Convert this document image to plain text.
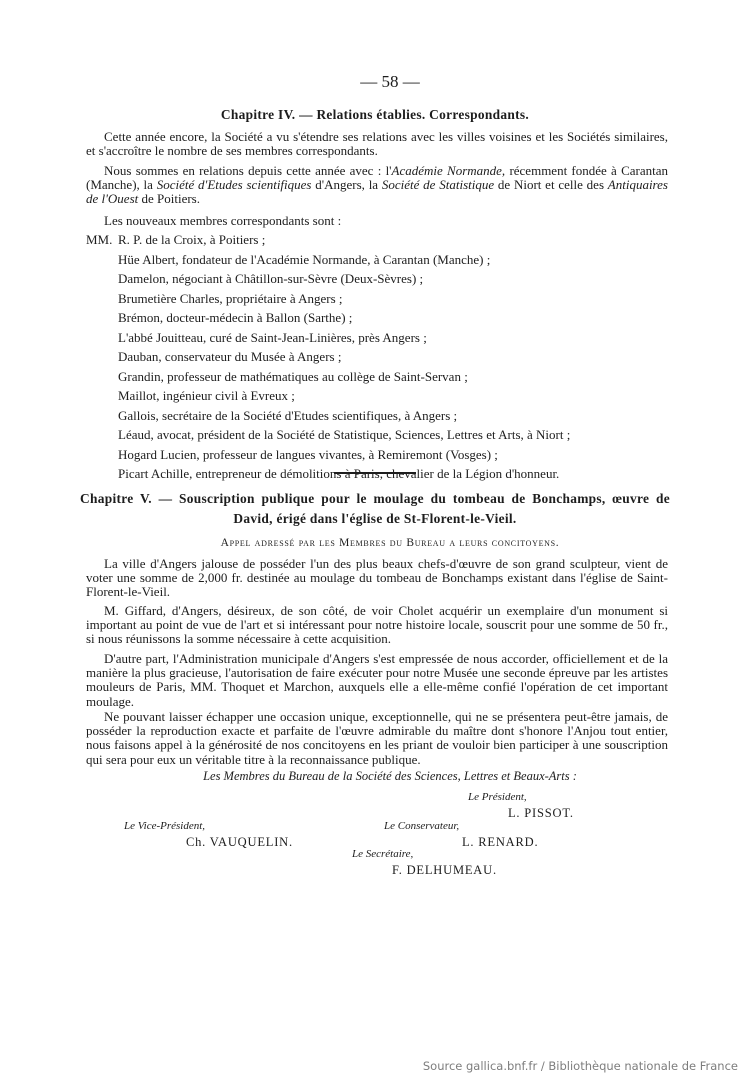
— 58 —
Chapitre IV. — Relations établies. Correspondants.

Cette année encore, la Société a vu s'étendre ses relations avec les villes voisines et les Sociétés similaires, et s'accroître le nombre de ses membres correspondants.

Nous sommes en relations depuis cette année avec : l'Académie Normande, récemment fondée à Carantan (Manche), la Société d'Etudes scientifiques d'Angers, la Société de Statistique de Niort et celle des Antiquaires de l'Ouest de Poitiers.

Les nouveaux membres correspondants sont :

MM. R. P. de la Croix, à Poitiers ;
Hüe Albert, fondateur de l'Académie Normande, à Carantan (Manche) ;
Damelon, négociant à Châtillon-sur-Sèvre (Deux-Sèvres) ;
Brumetière Charles, propriétaire à Angers ;
Brémon, docteur-médecin à Ballon (Sarthe) ;
L'abbé Jouitteau, curé de Saint-Jean-Linières, près Angers ;
Dauban, conservateur du Musée à Angers ;
Grandin, professeur de mathématiques au collège de Saint-Servan ;
Maillot, ingénieur civil à Evreux ;
Gallois, secrétaire de la Société d'Etudes scientifiques, à Angers ;
Léaud, avocat, président de la Société de Statistique, Sciences, Lettres et Arts, à Niort ;
Hogard Lucien, professeur de langues vivantes, à Remiremont (Vosges) ;
Picart Achille, entrepreneur de démolitions à Paris, chevalier de la Légion d'honneur.
Chapitre V. — Souscription publique pour le moulage du tombeau de Bonchamps, œuvre de David, érigé dans l'église de St-Florent-le-Vieil.
Appel adressé par les Membres du Bureau a leurs concitoyens.

La ville d'Angers jalouse de posséder l'un des plus beaux chefs-d'œuvre de son grand sculpteur, vient de voter une somme de 2,000 fr. destinée au moulage du tombeau de Bonchamps existant dans l'église de Saint-Florent-le-Vieil.

M. Giffard, d'Angers, désireux, de son côté, de voir Cholet acquérir un exemplaire d'un monument si important au point de vue de l'art et si intéressant pour notre histoire locale, souscrit pour une somme de 50 fr., si nous réunissons la somme nécessaire à cette acquisition.

D'autre part, l'Administration municipale d'Angers s'est empressée de nous accorder, officiellement et de la manière la plus gracieuse, l'autorisation de faire exécuter pour notre Musée une seconde épreuve par les artistes mouleurs de Paris, MM. Thoquet et Marchon, auxquels elle a elle-même confié l'opération de cet important moulage.

Ne pouvant laisser échapper une occasion unique, exceptionnelle, qui ne se présentera peut-être jamais, de posséder la reproduction exacte et parfaite de l'œuvre admirable du maître dont s'honore l'Anjou tout entier, nous faisons appel à la générosité de nos concitoyens en les priant de vouloir bien participer à une souscription qui sera pour eux un véritable titre à la reconnaissance publique.

Les Membres du Bureau de la Société des Sciences, Lettres et Beaux-Arts :
Le Président,
L. PISSOT.
Le Vice-Président,
Ch. VAUQUELIN.
Le Conservateur,
L. RENARD.
Le Secrétaire,
F. DELHUMEAU.
Source gallica.bnf.fr / Bibliothèque nationale de France
